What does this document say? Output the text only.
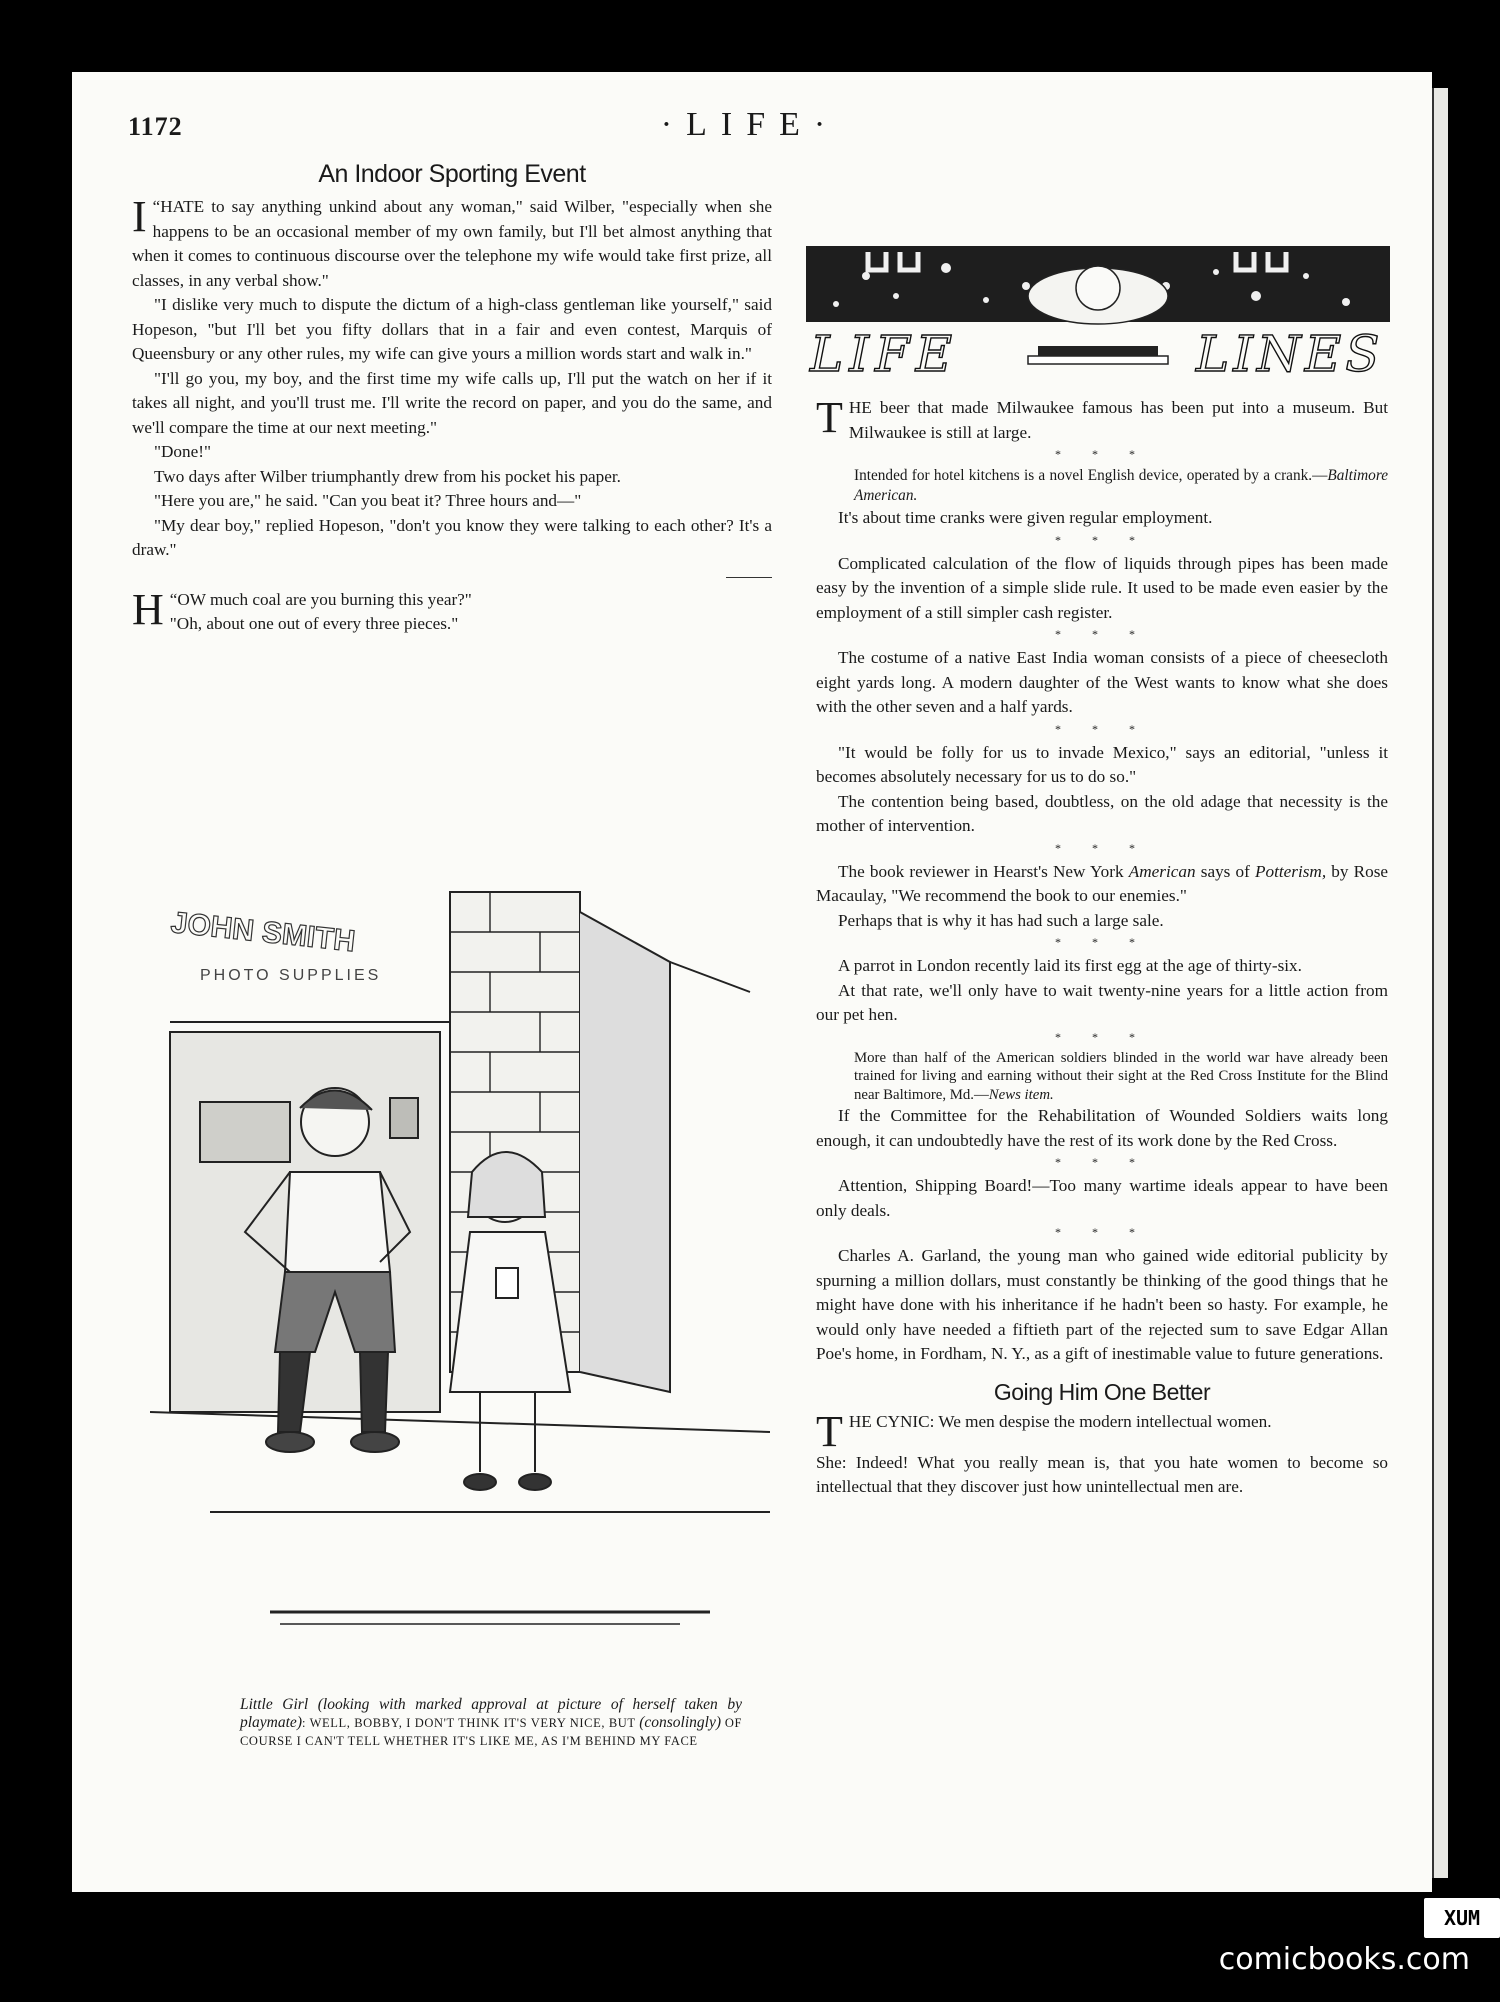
1172	·LIFE·
An Indoor Sporting Event

“
I HATE to say anything unkind about any woman," said Wilber, "especially when she happens to be an occasional member of my own family, but I'll bet almost anything that when it comes to continuous discourse over the telephone my wife would take first prize, all classes, in any verbal show."

"I dislike very much to dispute the dictum of a high-class gentleman like yourself," said Hopeson, "but I'll bet you fifty dollars that in a fair and even contest, Marquis of Queensbury or any other rules, my wife can give yours a million words start and walk in."

"I'll go you, my boy, and the first time my wife calls up, I'll put the watch on her if it takes all night, and you'll trust me. I'll write the record on paper, and you do the same, and we'll compare the time at our next meeting."

"Done!"

Two days after Wilber triumphantly drew from his pocket his paper.

"Here you are," he said. "Can you beat it? Three hours and—"

"My dear boy," replied Hopeson, "don't you know they were talking to each other? It's a draw."

“
H OW much coal are you burning this year?"
"Oh, about one out of every three pieces."

JOHN SMITH
PHOTO SUPPLIES
Little Girl (looking with marked approval at picture of herself taken by playmate): WELL, BOBBY, I DON'T THINK IT'S VERY NICE, BUT (consolingly) OF COURSE I CAN'T TELL WHETHER IT'S LIKE ME, AS I'M BEHIND MY FACE
LIFE	LINES

THE beer that made Milwaukee famous has been put into a museum. But Milwaukee is still at large.

* * *
Intended for hotel kitchens is a novel English device, operated by a crank.—Baltimore American.

It's about time cranks were given regular employment.

* * *

Complicated calculation of the flow of liquids through pipes has been made easy by the invention of a simple slide rule. It used to be made even easier by the employment of a still simpler cash register.

* * *

The costume of a native East India woman consists of a piece of cheesecloth eight yards long. A modern daughter of the West wants to know what she does with the other seven and a half yards.

* * *

"It would be folly for us to invade Mexico," says an editorial, "unless it becomes absolutely necessary for us to do so."

The contention being based, doubtless, on the old adage that necessity is the mother of intervention.

* * *

The book reviewer in Hearst's New York American says of Potterism, by Rose Macaulay, "We recommend the book to our enemies."

Perhaps that is why it has had such a large sale.

* * *

A parrot in London recently laid its first egg at the age of thirty-six.

At that rate, we'll only have to wait twenty-nine years for a little action from our pet hen.

* * *
More than half of the American soldiers blinded in the world war have already been trained for living and earning without their sight at the Red Cross Institute for the Blind near Baltimore, Md.—News item.

If the Committee for the Rehabilitation of Wounded Soldiers waits long enough, it can undoubtedly have the rest of its work done by the Red Cross.

* * *

Attention, Shipping Board!—Too many wartime ideals appear to have been only deals.

* * *

Charles A. Garland, the young man who gained wide editorial publicity by spurning a million dollars, must constantly be thinking of the good things that he might have done with his inheritance if he hadn't been so hasty. For example, he would only have needed a fiftieth part of the rejected sum to save Edgar Allan Poe's home, in Fordham, N. Y., as a gift of inestimable value to future generations.

Going Him One Better

THE CYNIC: We men despise the modern intellectual women.

She: Indeed! What you really mean is, that you hate women to become so intellectual that they discover just how unintellectual men are.

XUM
comicbooks.com
